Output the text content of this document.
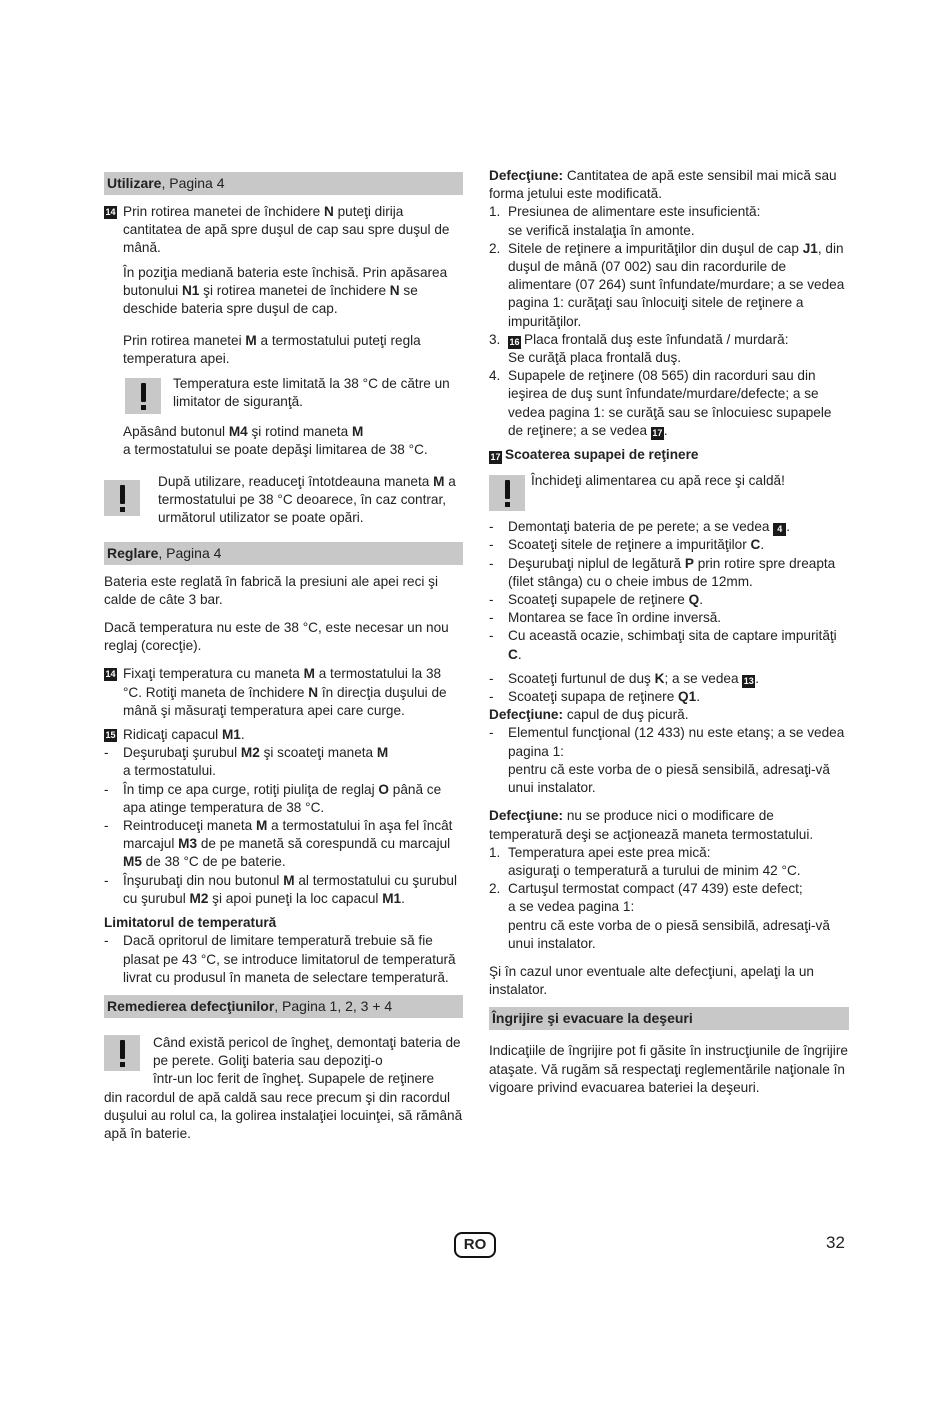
Utilizare, Pagina 4

14 Prin rotirea manetei de închidere N puteţi dirija cantitatea de apă spre duşul de cap sau spre duşul de mână.

În poziţia mediană bateria este închisă. Prin apăsarea butonului N1 şi rotirea manetei de închidere N se deschide bateria spre duşul de cap.

Prin rotirea manetei M a termostatului puteţi regla temperatura apei.

Temperatura este limitată la 38 °C de către un limitator de siguranţă.

Apăsând butonul M4 şi rotind maneta M
a termostatului se poate depăşi limitarea de 38 °C.

După utilizare, readuceţi întotdeauna maneta M a termostatului pe 38 °C deoarece, în caz contrar, următorul utilizator se poate opări.
Reglare, Pagina 4

Bateria este reglată în fabrică la presiuni ale apei reci şi calde de câte 3 bar.

Dacă temperatura nu este de 38 °C, este necesar un nou reglaj (corecţie).

14 Fixaţi temperatura cu maneta M a termostatului la 38 °C. Rotiţi maneta de închidere N în direcţia duşului de mână şi măsuraţi temperatura apei care curge.

15 Ridicaţi capacul M1.

- Deşurubaţi şurubul M2 şi scoateţi maneta M
a termostatului.

- În timp ce apa curge, rotiţi piuliţa de reglaj O până ce apa atinge temperatura de 38 °C.

- Reintroduceţi maneta M a termostatului în aşa fel încât marcajul M3 de pe manetă să corespundă cu marcajul M5 de 38 °C de pe baterie.

- Înşurubaţi din nou butonul M al termostatului cu şurubul
cu şurubul M2 şi apoi puneţi la loc capacul M1.

Limitatorul de temperatură

- Dacă opritorul de limitare temperatură trebuie să fie plasat pe 43 °C, se introduce limitatorul de temperatură livrat cu produsul în maneta de selectare temperatură.

Remedierea defecţiunilor, Pagina 1, 2, 3 + 4

Când există pericol de îngheţ, demontaţi bateria de pe perete. Goliţi bateria sau depoziţi-o
într-un loc ferit de îngheţ. Supapele de reţinere
din racordul de apă caldă sau rece precum şi din racordul duşului au rolul ca, la golirea instalaţiei locuinţei, să rămână apă în baterie.

Defecţiune: Cantitatea de apă este sensibil mai mică sau forma jetului este modificată.

1. Presiunea de alimentare este insuficientă:
se verifică instalaţia în amonte.

2. Sitele de reţinere a impurităţilor din duşul de cap J1, din duşul de mână (07 002) sau din racordurile de alimentare (07 264) sunt înfundate/murdare; a se vedea pagina 1: curăţaţi sau înlocuiţi sitele de reţinere a impurităţilor.

3. 16 Placa frontală duş este înfundată / murdară:
Se curăţă placa frontală duş.

4. Supapele de reţinere (08 565) din racorduri sau din ieşirea de duş sunt înfundate/murdare/defecte; a se vedea pagina 1: se curăţă sau se înlocuiesc supapele de reţinere; a se vedea 17 .

17 Scoaterea supapei de reţinere

Închideţi alimentarea cu apă rece şi caldă!

- Demontaţi bateria de pe perete; a se vedea 4 .

- Scoateţi sitele de reţinere a impurităţilor C.

- Deşurubaţi niplul de legătură P prin rotire spre dreapta (filet stânga) cu o cheie imbus de 12mm.

- Scoateţi supapele de reţinere Q.

- Montarea se face în ordine inversă.

- Cu această ocazie, schimbaţi sita de captare impurităţi C.

- Scoateţi furtunul de duş K; a se vedea 13 .

- Scoateţi supapa de reţinere Q1.

Defecţiune: capul de duş picură.

- Elementul funcţional (12 433) nu este etanş; a se vedea pagina 1:
pentru că este vorba de o piesă sensibilă, adresaţi-vă unui instalator.

Defecţiune: nu se produce nici o modificare de temperatură deşi se acţionează maneta termostatului.

1. Temperatura apei este prea mică:
asiguraţi o temperatură a turului de minim 42 °C.

2. Cartuşul termostat compact (47 439) este defect;
a se vedea pagina 1:
pentru că este vorba de o piesă sensibilă, adresaţi-vă unui instalator.

Şi în cazul unor eventuale alte defecţiuni, apelaţi la un instalator.

Îngrijire şi evacuare la deşeuri

Indicaţiile de îngrijire pot fi găsite în instrucţiunile de îngrijire ataşate. Vă rugăm să respectaţi reglementările naţionale în vigoare privind evacuarea bateriei la deşeuri.

RO	32
